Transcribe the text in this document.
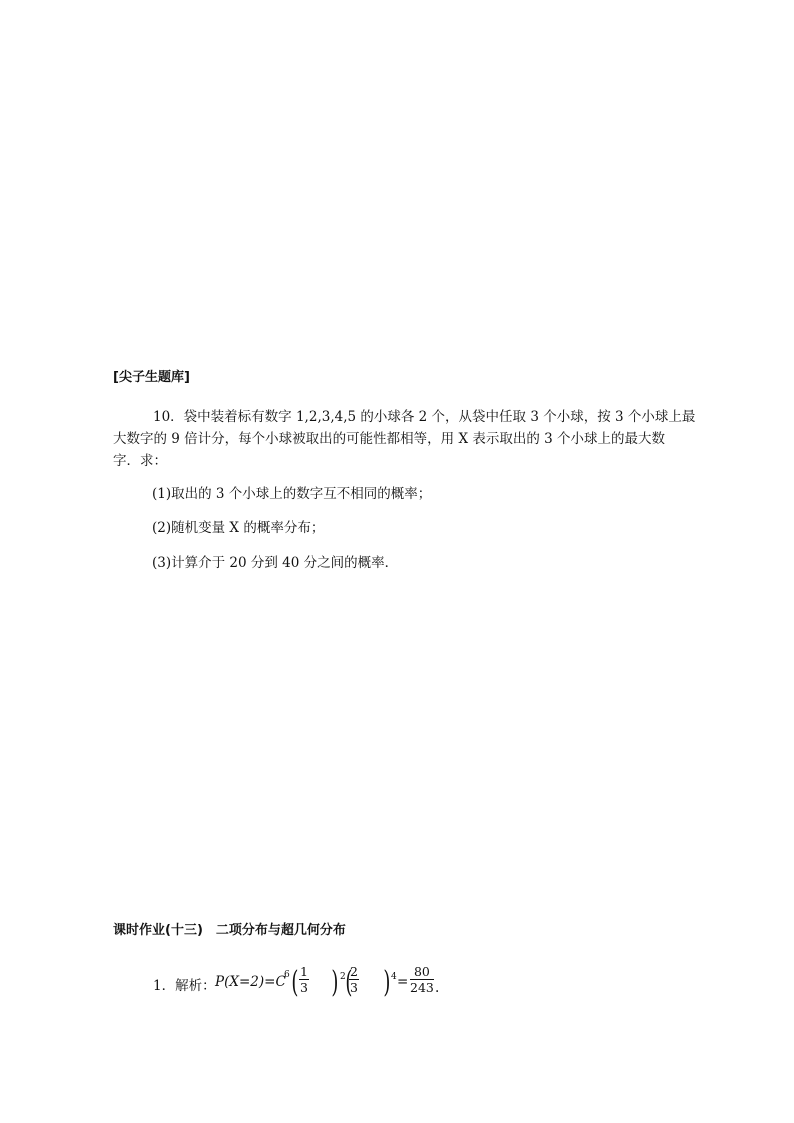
[尖子生题库]
10．袋中装着标有数字 1,2,3,4,5 的小球各 2 个，从袋中任取 3 个小球，按 3 个小球上最
大数字的 9 倍计分，每个小球被取出的可能性都相等，用 X 表示取出的 3 个小球上的最大数
字．求：
(1)取出的 3 个小球上的数字互不相同的概率；
(2)随机变量 X 的概率分布；
(3)计算介于 20 分到 40 分之间的概率．
课时作业(十三)　二项分布与超几何分布
1．解析： P(X=2)=C
6 ( $\frac{1}{3}$ ) 2 (
$\frac{2}{3}$ ) $4 = \frac{80}{243}$ .
